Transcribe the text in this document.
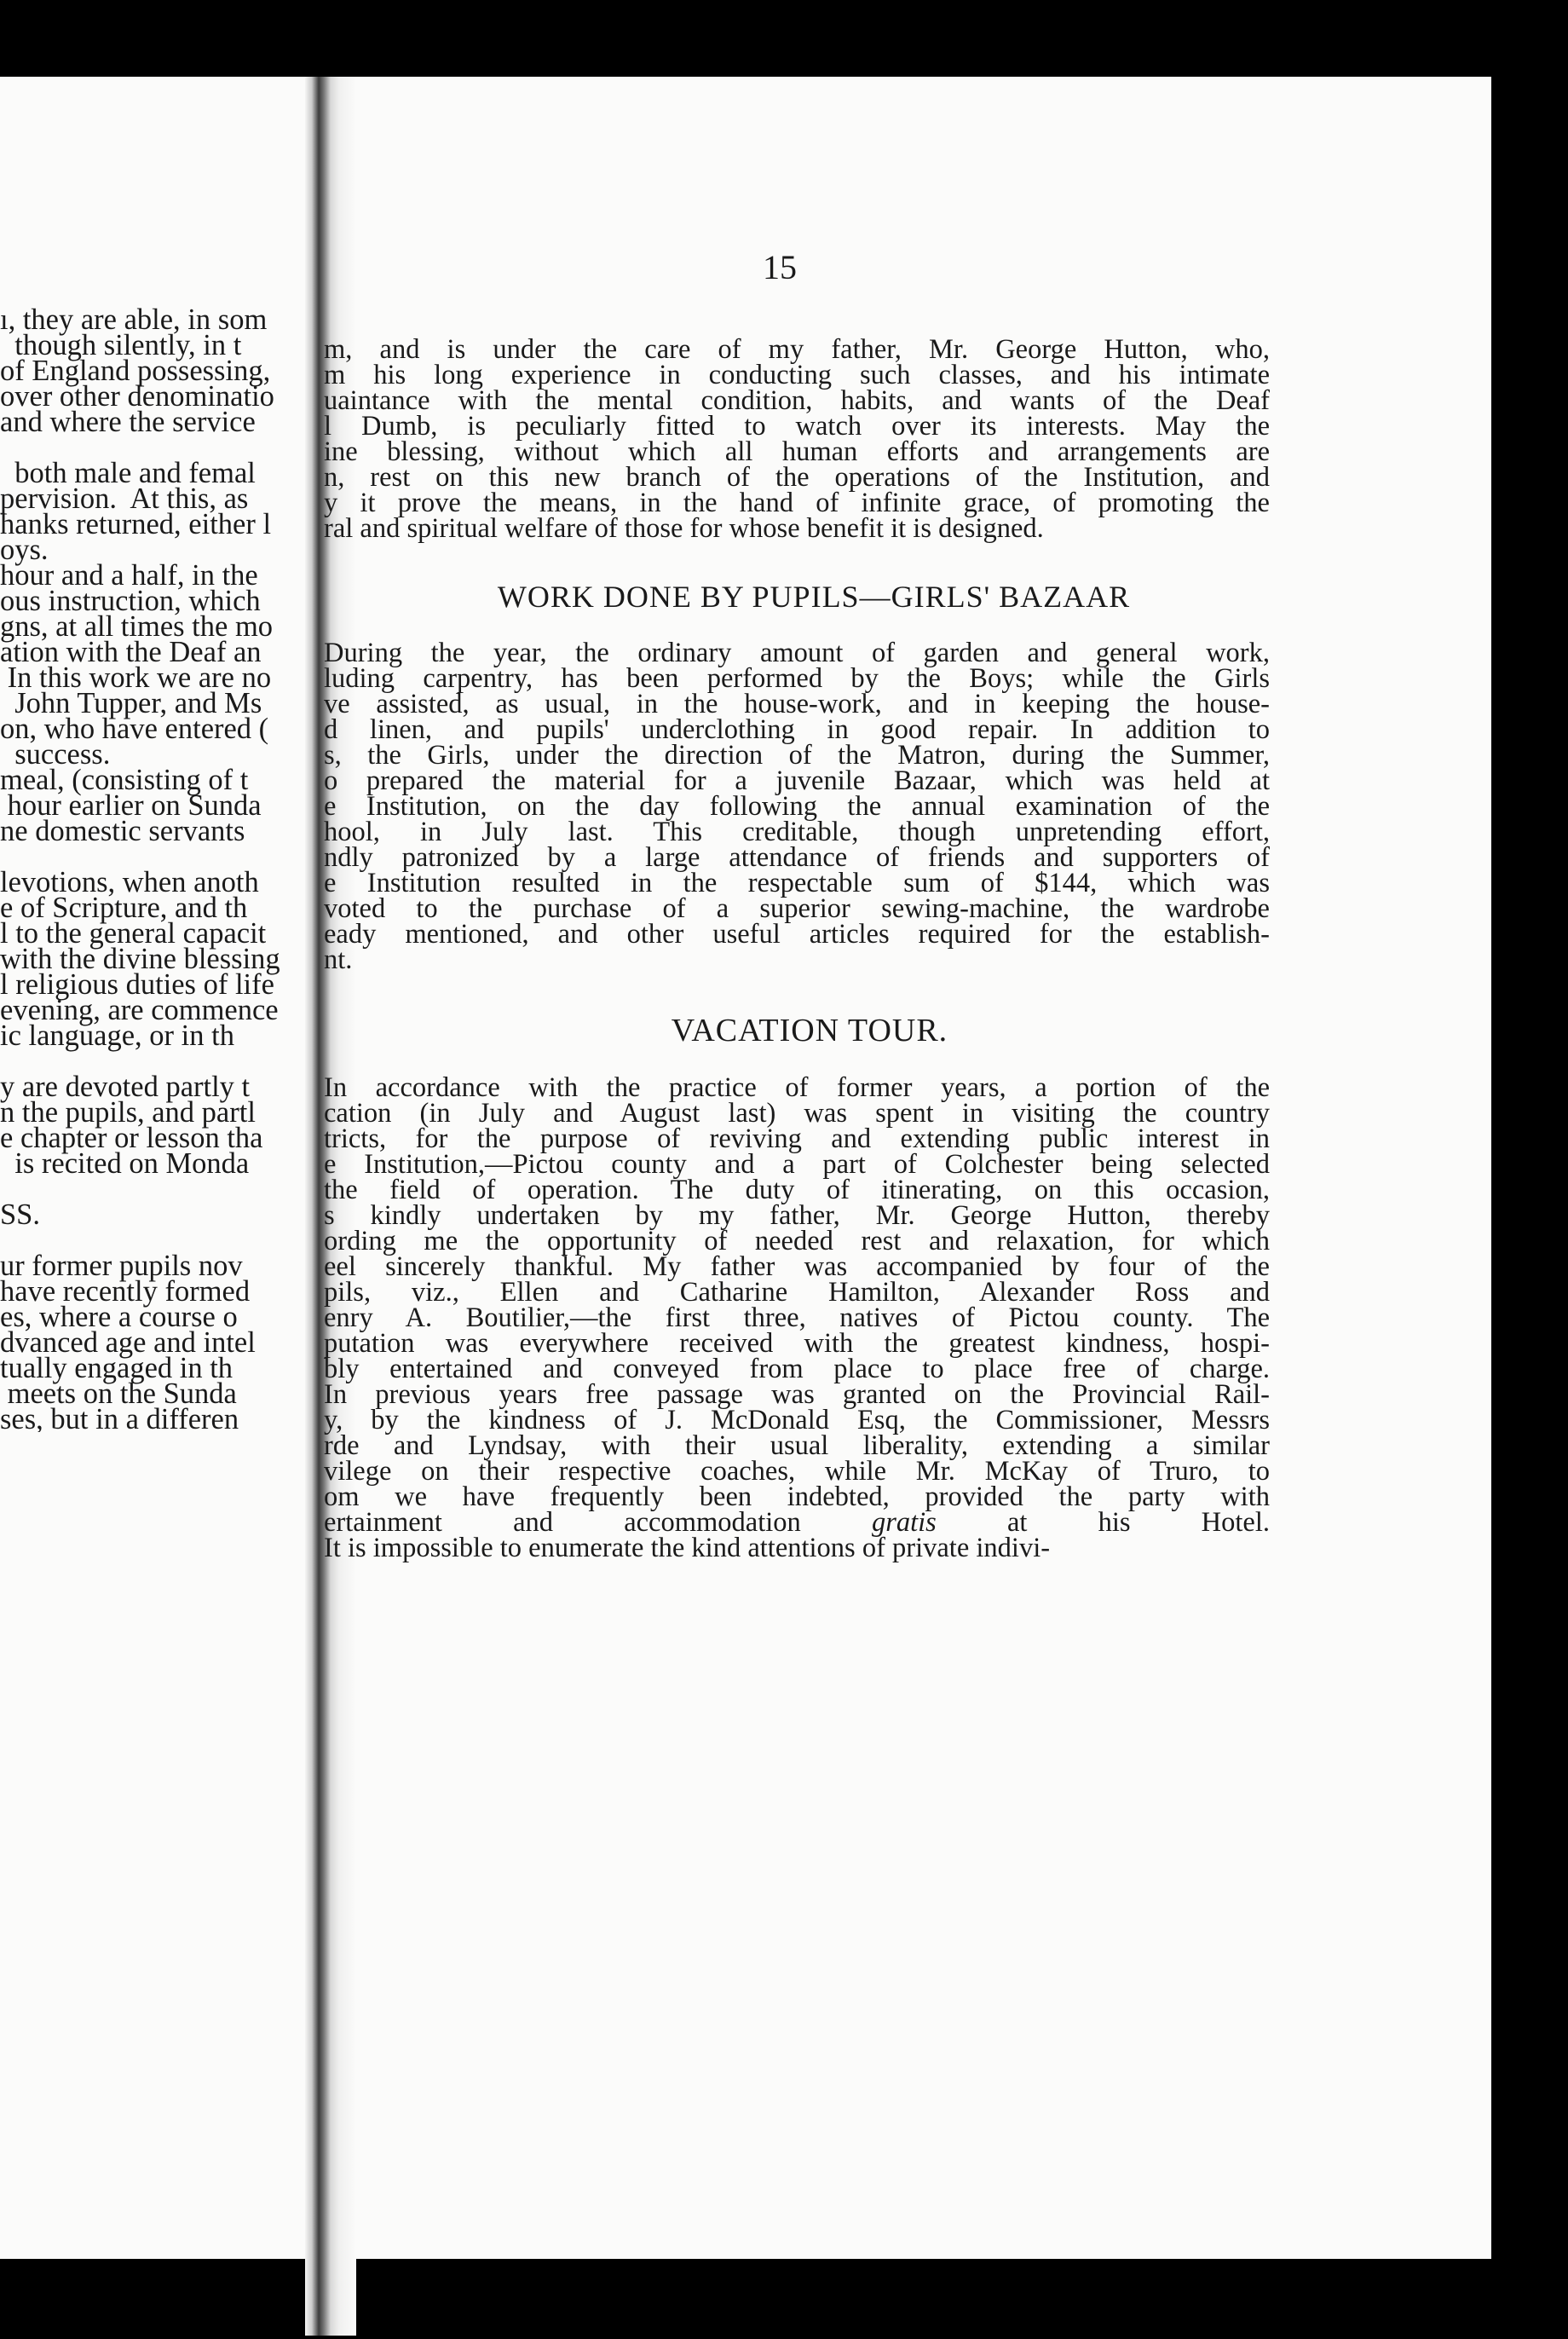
15
ı, they are able, in som
though silently, in t
of England possessing,
over other denominatio
and where the service

both male and femal
pervision.  At this, as
hanks returned, either l
oys.
hour and a half, in the
ous instruction, which
gns, at all times the mo
ation with the Deaf an
In this work we are no
John Tupper, and Ms
on, who have entered (
success.
meal, (consisting of t
hour earlier on Sunda
ne domestic servants

levotions, when anoth
e of Scripture, and th
l to the general capacit
with the divine blessing
l religious duties of life
evening, are commence
ic language, or in th

y are devoted partly t
n the pupils, and partl
e chapter or lesson tha
is recited on Monda

SS.

ur former pupils nov
have recently formed
es, where a course o
dvanced age and intel
tually engaged in th
meets on the Sunda
ses, but in a differen
m, and is under the care of my father, Mr. George Hutton, who,
m his long experience in conducting such classes, and his intimate
uaintance with the mental condition, habits, and wants of the Deaf
l Dumb, is peculiarly fitted to watch over its interests. May the
ine blessing, without which all human efforts and arrangements are
n, rest on this new branch of the operations of the Institution, and
y it prove the means, in the hand of infinite grace, of promoting the
ral and spiritual welfare of those for whose benefit it is designed.
WORK DONE BY PUPILS—GIRLS' BAZAAR
During the year, the ordinary amount of garden and general work,
luding carpentry, has been performed by the Boys; while the Girls
ve assisted, as usual, in the house-work, and in keeping the house-
d linen, and pupils' underclothing in good repair. In addition to
s, the Girls, under the direction of the Matron, during the Summer,
o prepared the material for a juvenile Bazaar, which was held at
e Institution, on the day following the annual examination of the
hool, in July last. This creditable, though unpretending effort,
ndly patronized by a large attendance of friends and supporters of
e Institution resulted in the respectable sum of $144, which was
voted to the purchase of a superior sewing-machine, the wardrobe
eady mentioned, and other useful articles required for the establish-
nt.
VACATION TOUR.
In accordance with the practice of former years, a portion of the
cation (in July and August last) was spent in visiting the country
tricts, for the purpose of reviving and extending public interest in
e Institution,—Pictou county and a part of Colchester being selected
the field of operation. The duty of itinerating, on this occasion,
s kindly undertaken by my father, Mr. George Hutton, thereby
ording me the opportunity of needed rest and relaxation, for which
eel sincerely thankful. My father was accompanied by four of the
pils, viz., Ellen and Catharine Hamilton, Alexander Ross and
enry A. Boutilier,—the first three, natives of Pictou county. The
putation was everywhere received with the greatest kindness, hospi-
bly entertained and conveyed from place to place free of charge.
In previous years free passage was granted on the Provincial Rail-
y, by the kindness of J. McDonald Esq, the Commissioner, Messrs
rde and Lyndsay, with their usual liberality, extending a similar
vilege on their respective coaches, while Mr. McKay of Truro, to
om we have frequently been indebted, provided the party with
ertainment and accommodation gratis at his Hotel.
It is impossible to enumerate the kind attentions of private indivi-
